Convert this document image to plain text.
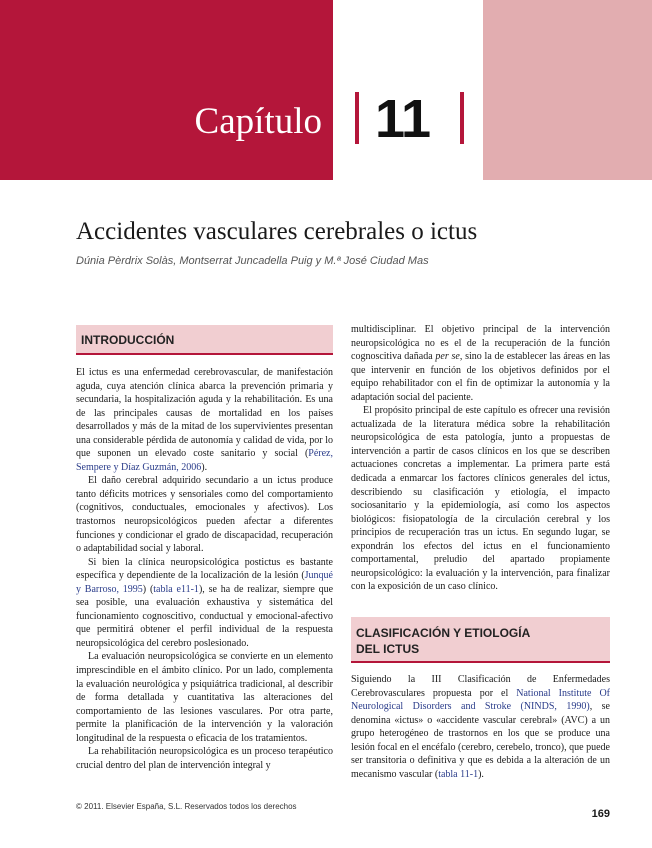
Capítulo 11
Accidentes vasculares cerebrales o ictus
Dúnia Pèrdrix Solàs, Montserrat Juncadella Puig y M.ª José Ciudad Mas
INTRODUCCIÓN

El ictus es una enfermedad cerebrovascular, de manifestación aguda, cuya atención clínica abarca la prevención primaria y secundaria, la hospitalización aguda y la rehabilitación. Es una de las principales causas de mortalidad en los países desarrollados y más de la mitad de los supervivientes presentan una considerable pérdida de autonomía y calidad de vida, por lo que suponen un elevado coste sanitario y social (Pérez, Sempere y Díaz Guzmán, 2006).

El daño cerebral adquirido secundario a un ictus produce tanto déficits motrices y sensoriales como del comportamiento (cognitivos, conductuales, emocionales y afectivos). Los trastornos neuropsicológicos pueden afectar a diferentes funciones y condicionar el grado de discapacidad, recuperación o adaptabilidad social y laboral.

Si bien la clínica neuropsicológica postictus es bastante específica y dependiente de la localización de la lesión (Junqué y Barroso, 1995) (tabla e11-1), se ha de realizar, siempre que sea posible, una evaluación exhaustiva y sistemática del funcionamiento cognoscitivo, conductual y emocional-afectivo que permitirá obtener el perfil individual de la respuesta neuropsicológica del cerebro poslesionado.

La evaluación neuropsicológica se convierte en un elemento imprescindible en el ámbito clínico. Por un lado, complementa la evaluación neurológica y psiquiátrica tradicional, al describir de forma detallada y cuantitativa las alteraciones del comportamiento de las lesiones vasculares. Por otra parte, permite la planificación de la intervención y la valoración longitudinal de la respuesta o eficacia de los tratamientos.

La rehabilitación neuropsicológica es un proceso terapéutico crucial dentro del plan de intervención integral y

multidisciplinar. El objetivo principal de la intervención neuropsicológica no es el de la recuperación de la función cognoscitiva dañada per se, sino la de establecer las áreas en las que intervenir en función de los objetivos definidos por el equipo rehabilitador con el fin de optimizar la autonomía y la adaptación social del paciente.

El propósito principal de este capítulo es ofrecer una revisión actualizada de la literatura médica sobre la rehabilitación neuropsicológica de esta patología, junto a propuestas de intervención a partir de casos clínicos en los que se describen actuaciones concretas a implementar. La primera parte está dedicada a enmarcar los factores clínicos generales del ictus, describiendo su clasificación y etiología, el impacto sociosanitario y la epidemiología, así como los aspectos biológicos: fisiopatología de la circulación cerebral y los principios de recuperación tras un ictus. En segundo lugar, se expondrán los efectos del ictus en el funcionamiento comportamental, preludio del apartado propiamente neuropsicológico: la evaluación y la intervención, para finalizar con la exposición de un caso clínico.

CLASIFICACIÓN Y ETIOLOGÍA
DEL ICTUS

Siguiendo la III Clasificación de Enfermedades Cerebrovasculares propuesta por el National Institute Of Neurological Disorders and Stroke (NINDS, 1990), se denomina «ictus» o «accidente vascular cerebral» (AVC) a un grupo heterogéneo de trastornos en los que se produce una lesión focal en el encéfalo (cerebro, cerebelo, tronco), que puede ser transitoria o definitiva y que es debida a la alteración de un mecanismo vascular (tabla 11-1).

© 2011. Elsevier España, S.L. Reservados todos los derechos
169
